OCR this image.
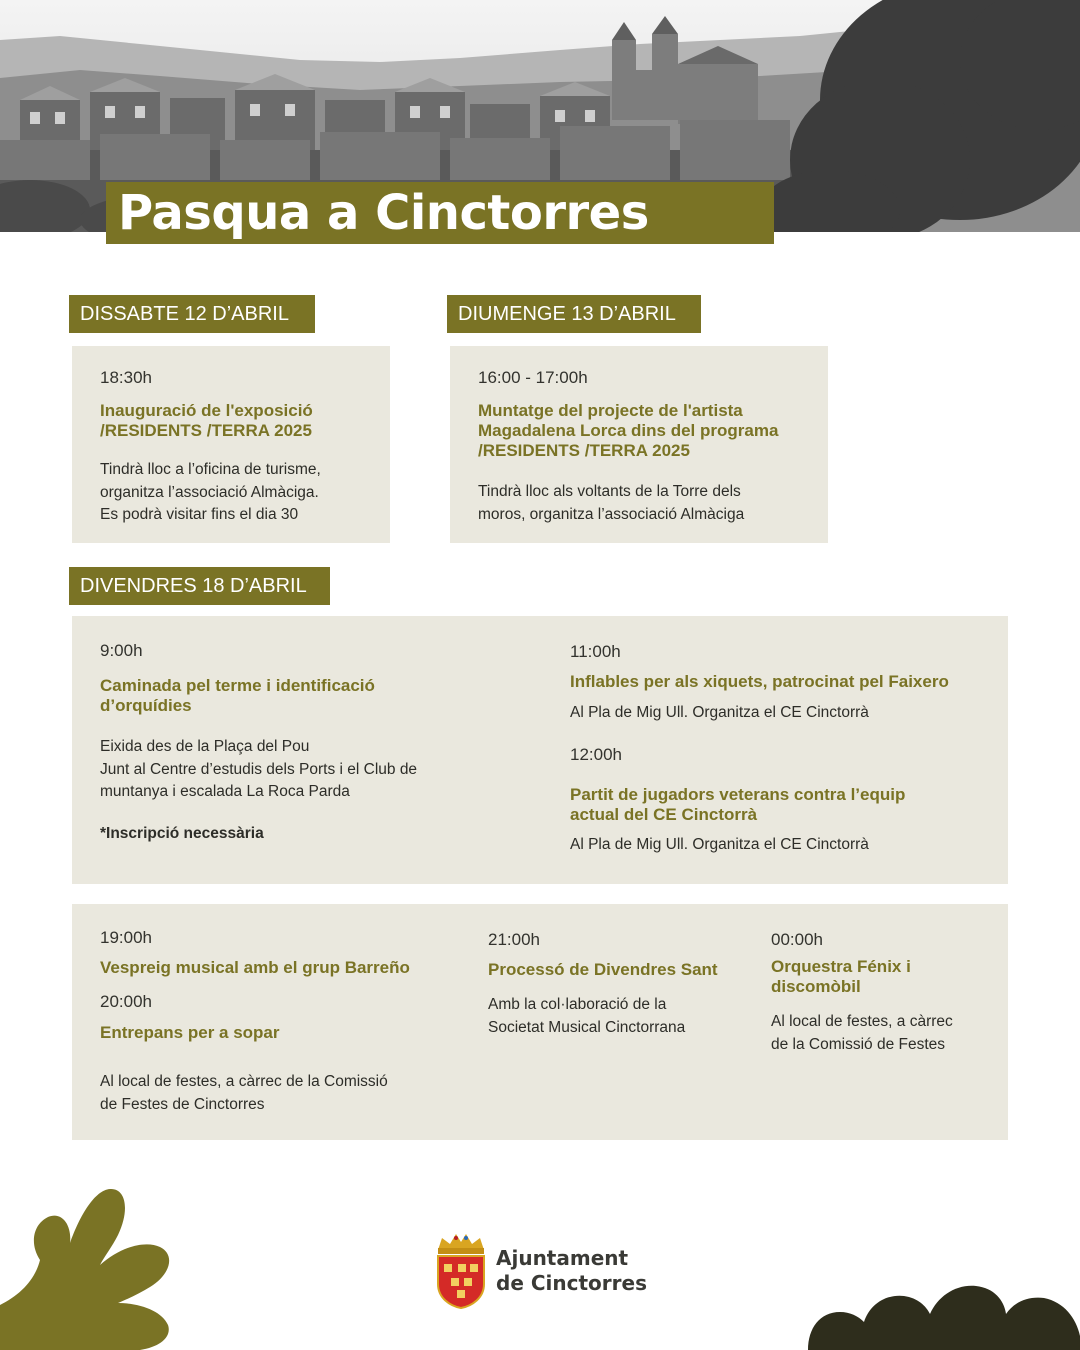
Pasqua a Cinctorres
DISSABTE 12 D’ABRIL
18:30h
Inauguració de l'exposició
/RESIDENTS /TERRA 2025
Tindrà lloc a l’oficina de turisme,
organitza l’associació Almàciga.
Es podrà visitar fins el dia 30
DIUMENGE 13 D’ABRIL
16:00 - 17:00h
Muntatge del projecte de l'artista
Magadalena Lorca dins del programa
/RESIDENTS /TERRA 2025
Tindrà lloc als voltants de la Torre dels
moros, organitza l’associació Almàciga
DIVENDRES 18 D’ABRIL
9:00h
Caminada pel terme i identificació
d’orquídies
Eixida des de la Plaça del Pou
Junt al Centre d’estudis dels Ports i el Club de
muntanya i escalada La Roca Parda
*Inscripció necessària
11:00h
Inflables per als xiquets, patrocinat pel Faixero
Al Pla de Mig Ull. Organitza el CE Cinctorrà
12:00h
Partit de jugadors veterans contra l’equip
actual del CE Cinctorrà
Al Pla de Mig Ull. Organitza el CE Cinctorrà
19:00h
Vespreig musical amb el grup Barreño
20:00h
Entrepans per a sopar
Al local de festes, a càrrec de la Comissió
de Festes de Cinctorres
21:00h
Processó de Divendres Sant
Amb la col·laboració de la
Societat Musical Cinctorrana
00:00h
Orquestra Fénix i
discomòbil
Al local de festes, a càrrec
de la Comissió de Festes
Ajuntament
de Cinctorres
